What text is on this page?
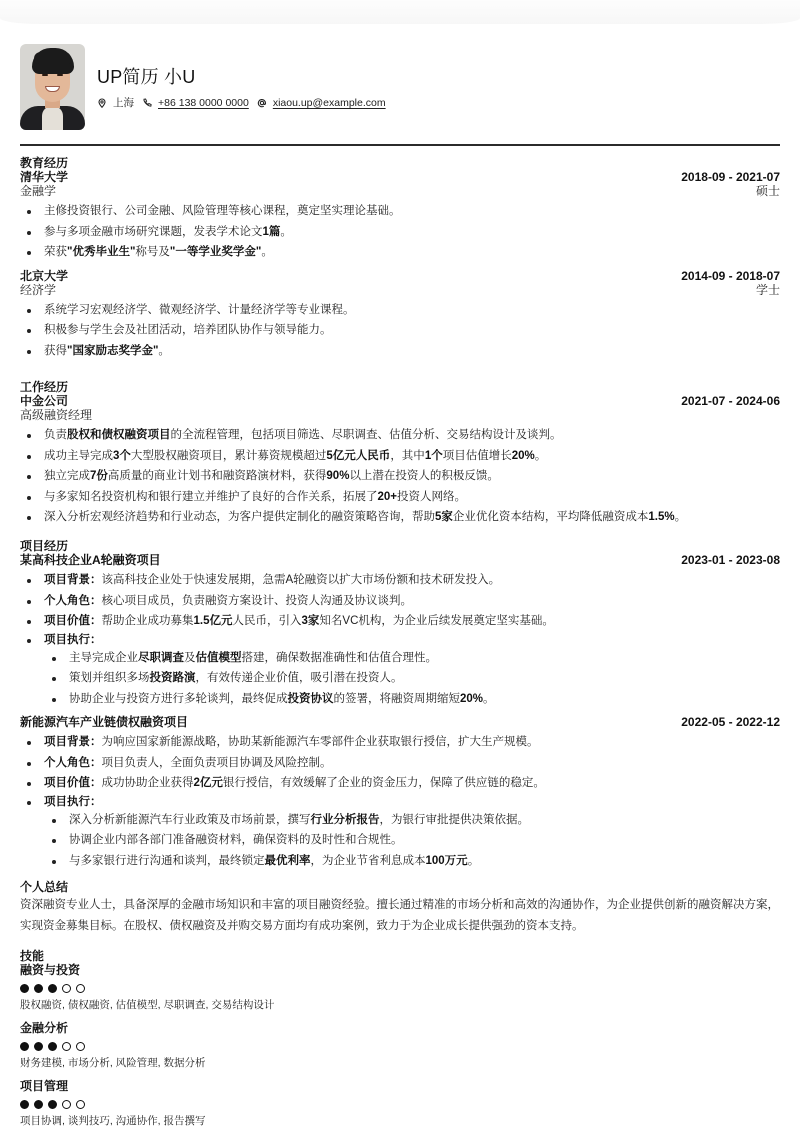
UP简历 小U
上海 +86 138 0000 0000 xiaou.up@example.com
教育经历
清华大学	2018-09 - 2021-07
金融学	硕士
主修投资银行、公司金融、风险管理等核心课程，奠定坚实理论基础。
参与多项金融市场研究课题，发表学术论文1篇。
荣获"优秀毕业生"称号及"一等学业奖学金"。
北京大学	2014-09 - 2018-07
经济学	学士
系统学习宏观经济学、微观经济学、计量经济学等专业课程。
积极参与学生会及社团活动，培养团队协作与领导能力。
获得"国家励志奖学金"。
工作经历
中金公司	2021-07 - 2024-06
高级融资经理
负责股权和债权融资项目的全流程管理，包括项目筛选、尽职调查、估值分析、交易结构设计及谈判。
成功主导完成3个大型股权融资项目，累计募资规模超过5亿元人民币，其中1个项目估值增长20%。
独立完成7份高质量的商业计划书和融资路演材料，获得90%以上潜在投资人的积极反馈。
与多家知名投资机构和银行建立并维护了良好的合作关系，拓展了20+投资人网络。
深入分析宏观经济趋势和行业动态，为客户提供定制化的融资策略咨询，帮助5家企业优化资本结构，平均降低融资成本1.5%。
项目经历
某高科技企业A轮融资项目	2023-01 - 2023-08
项目背景：该高科技企业处于快速发展期，急需A轮融资以扩大市场份额和技术研发投入。
个人角色：核心项目成员，负责融资方案设计、投资人沟通及协议谈判。
项目价值：帮助企业成功募集1.5亿元人民币，引入3家知名VC机构，为企业后续发展奠定坚实基础。
项目执行：
主导完成企业尽职调查及估值模型搭建，确保数据准确性和估值合理性。
策划并组织多场投资路演，有效传递企业价值，吸引潜在投资人。
协助企业与投资方进行多轮谈判，最终促成投资协议的签署，将融资周期缩短20%。
新能源汽车产业链债权融资项目	2022-05 - 2022-12
项目背景：为响应国家新能源战略，协助某新能源汽车零部件企业获取银行授信，扩大生产规模。
个人角色：项目负责人，全面负责项目协调及风险控制。
项目价值：成功协助企业获得2亿元银行授信，有效缓解了企业的资金压力，保障了供应链的稳定。
项目执行：
深入分析新能源汽车行业政策及市场前景，撰写行业分析报告，为银行审批提供决策依据。
协调企业内部各部门准备融资材料，确保资料的及时性和合规性。
与多家银行进行沟通和谈判，最终锁定最优利率，为企业节省利息成本100万元。
个人总结
资深融资专业人士，具备深厚的金融市场知识和丰富的项目融资经验。擅长通过精准的市场分析和高效的沟通协作，为企业提供创新的融资解决方案，实现资金募集目标。在股权、债权融资及并购交易方面均有成功案例，致力于为企业成长提供强劲的资本支持。
技能
融资与投资
股权融资, 债权融资, 估值模型, 尽职调查, 交易结构设计
金融分析
财务建模, 市场分析, 风险管理, 数据分析
项目管理
项目协调, 谈判技巧, 沟通协作, 报告撰写
